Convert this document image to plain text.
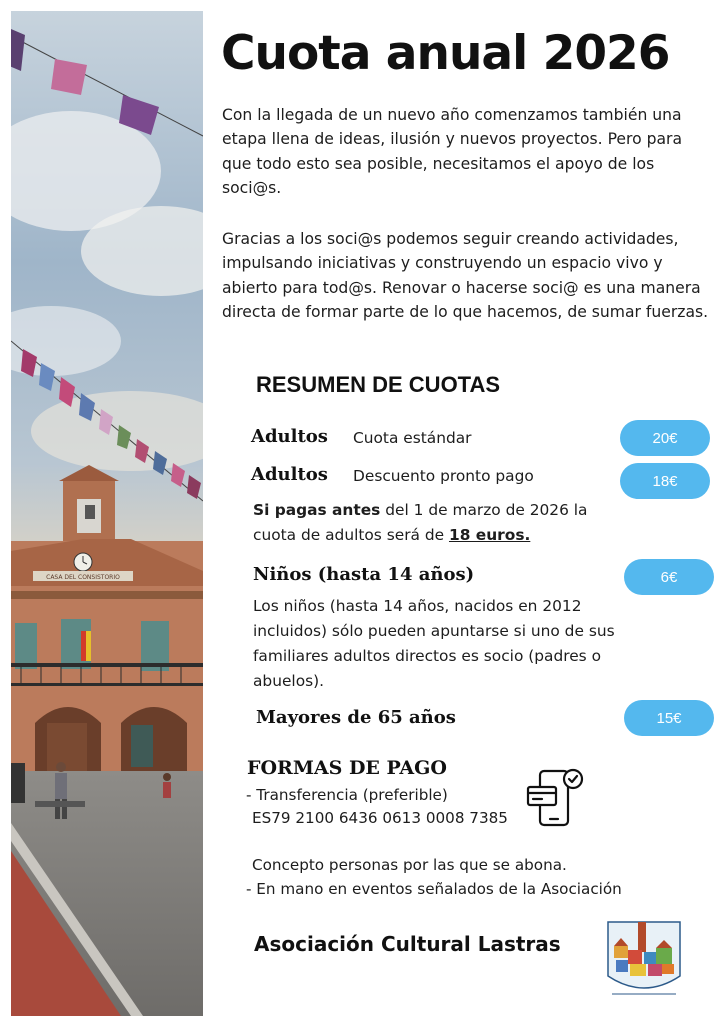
CASA DEL CONSISTORIO
Cuota anual 2026

Con la llegada de un nuevo año comenzamos también una etapa llena de ideas, ilusión y nuevos proyectos. Pero para que todo esto sea posible, necesitamos el apoyo de los soci@s.

Gracias a los soci@s podemos seguir creando actividades, impulsando iniciativas y construyendo un espacio vivo y abierto para tod@s. Renovar o hacerse soci@ es una manera directa de formar parte de lo que hacemos, de sumar fuerzas.

RESUMEN DE CUOTAS
Adultos Cuota estándar	20€
Adultos Descuento pronto pago	18€

Si pagas antes del 1 de marzo de 2026 la cuota de adultos será de 18 euros.

Niños (hasta 14 años)	6€

Los niños (hasta 14 años, nacidos en 2012 incluidos) sólo pueden apuntarse si uno de sus familiares adultos directos es socio (padres o abuelos).

Mayores de 65 años	15€
FORMAS DE PAGO
- Transferencia (preferible)
ES79 2100 6436 0613 0008 7385
Concepto personas por las que se abona.
- En mano en eventos señalados de la Asociación
Asociación Cultural Lastras
